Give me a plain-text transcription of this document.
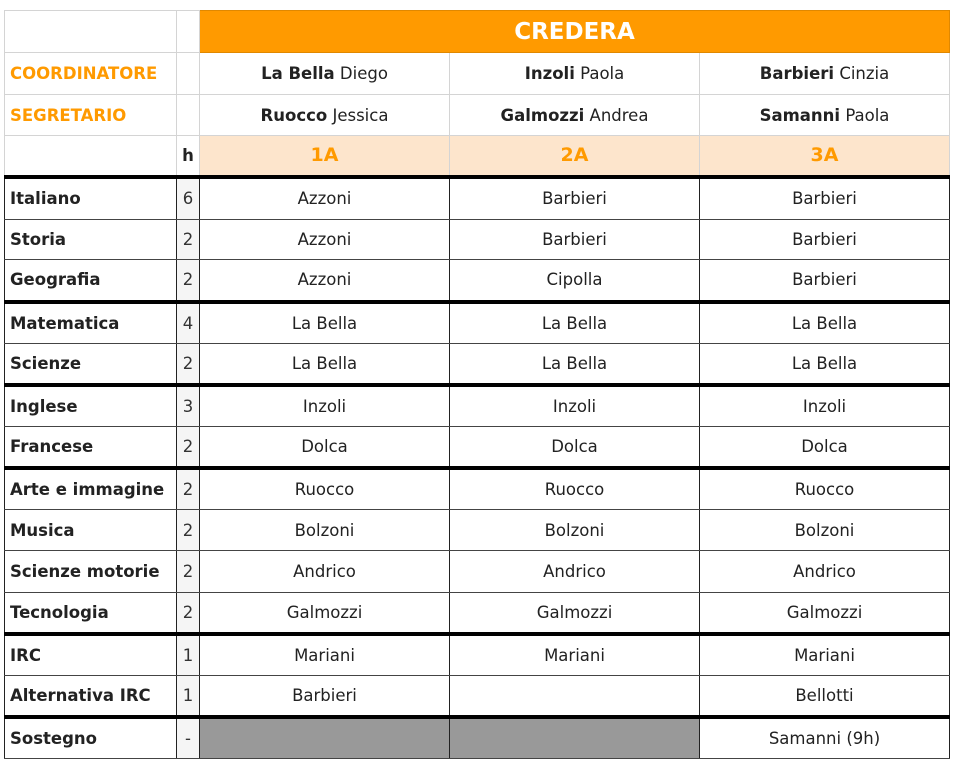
		CREDERA		
COORDINATORE		La Bella Diego	Inzoli Paola	Barbieri Cinzia
SEGRETARIO		Ruocco Jessica	Galmozzi Andrea	Samanni Paola
	h	1A	2A	3A
Italiano	6	Azzoni	Barbieri	Barbieri
Storia	2	Azzoni	Barbieri	Barbieri
Geografia	2	Azzoni	Cipolla	Barbieri
Matematica	4	La Bella	La Bella	La Bella
Scienze	2	La Bella	La Bella	La Bella
Inglese	3	Inzoli	Inzoli	Inzoli
Francese	2	Dolca	Dolca	Dolca
Arte e immagine	2	Ruocco	Ruocco	Ruocco
Musica	2	Bolzoni	Bolzoni	Bolzoni
Scienze motorie	2	Andrico	Andrico	Andrico
Tecnologia	2	Galmozzi	Galmozzi	Galmozzi
IRC	1	Mariani	Mariani	Mariani
Alternativa IRC	1	Barbieri		Bellotti
Sostegno	-			Samanni (9h)
